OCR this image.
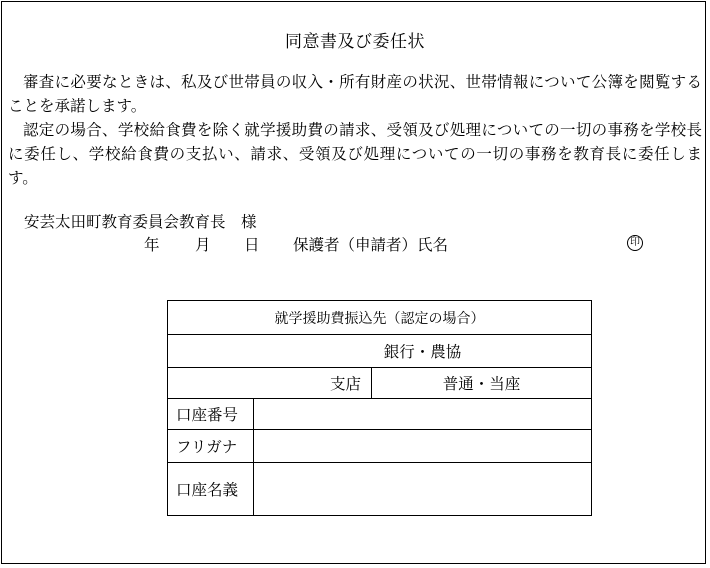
同意書及び委任状

審査に必要なときは、私及び世帯員の収入・所有財産の状況、世帯情報について公簿を閲覧することを承諾します。

認定の場合、学校給食費を除く就学援助費の請求、受領及び処理についての一切の事務を学校長に委任し、学校給食費の支払い、請求、受領及び処理についての一切の事務を教育長に委任します。

安芸太田町教育委員会教育長　様
年 月 日 保護者（申請者）氏名	印
就学援助費振込先（認定の場合）		
銀行・農協		
支店		普通・当座
口座番号		
フリガナ		
口座名義		
